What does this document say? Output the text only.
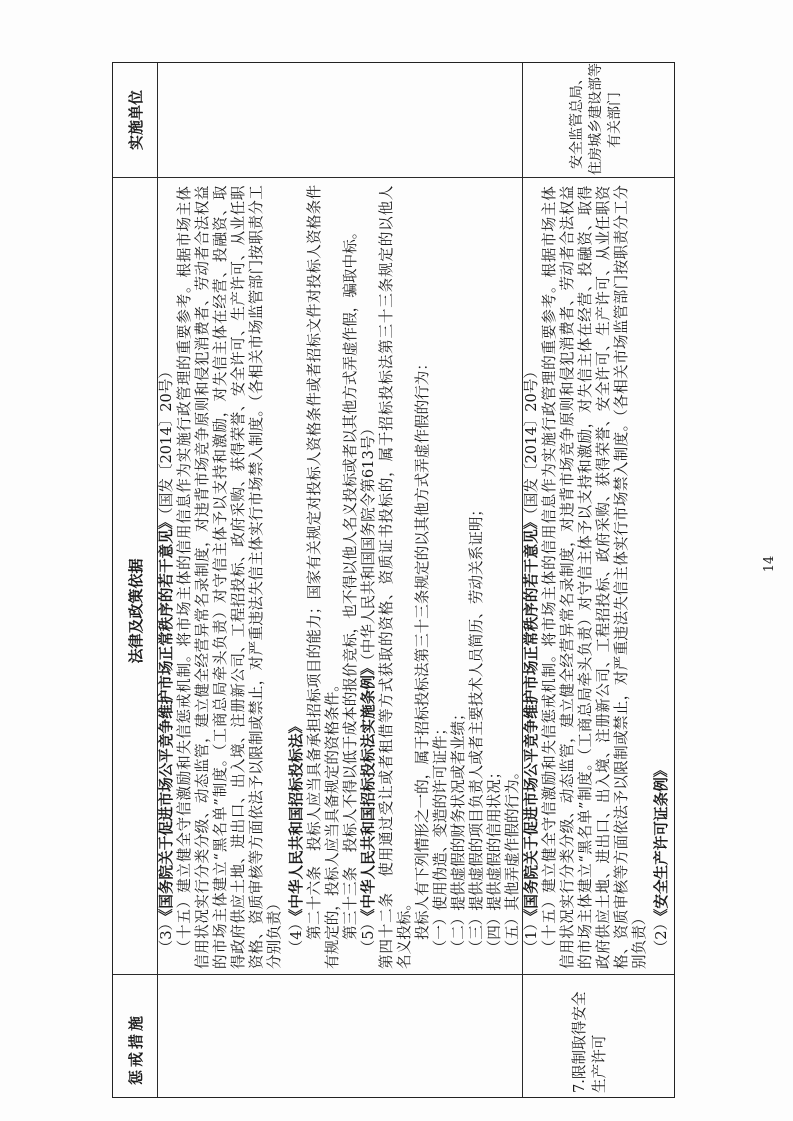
惩戒措施
法律及政策依据
实施单位
（3）《国务院关于促进市场公平竞争维护市场正常秩序的若干意见》（国发〔2014〕20号） （十五）建立健全守信激励和失信惩戒机制。将市场主体的信用信息作为实施行政管理的重要参考。根据市场主体 信用状况实行分类分级、动态监管，建立健全经营异常名录制度，对违背市场竞争原则和侵犯消费者、劳动者合法权益 的市场主体建立“黑名单”制度。（工商总局牵头负责）对守信主体予以支持和激励，对失信主体在经营、投融资、取 得政府供应土地、进出口、出入境、注册新公司、工程招投标、政府采购、获得荣誉、安全许可、生产许可、从业任职 资格、资质审核等方面依法予以限制或禁止，对严重违法失信主体实行市场禁入制度。（各相关市场监管部门按职责分工 分别负责） （4）《中华人民共和国招标投标法》 第二十六条　投标人应当具备承担招标项目的能力；国家有关规定对投标人资格条件或者招标文件对投标人资格条件 有规定的，投标人应当具备规定的资格条件。 第三十三条　投标人不得以低于成本的报价竞标，也不得以他人名义投标或者以其他方式弄虚作假，骗取中标。 （5）《中华人民共和国招标投标法实施条例》（中华人民共和国国务院令第613号） 第四十二条　使用通过受让或者租借等方式获取的资格、资质证书投标的，属于招标投标法第三十三条规定的以他人 名义投标。 投标人有下列情形之一的，属于招标投标法第三十三条规定的以其他方式弄虚作假的行为： （一）使用伪造、变造的许可证件； （二）提供虚假的财务状况或者业绩； （三）提供虚假的项目负责人或者主要技术人员简历、劳动关系证明； （四）提供虚假的信用状况； （五）其他弄虚作假的行为。
7.限制取得安全 生产许可
（1）《国务院关于促进市场公平竞争维护市场正常秩序的若干意见》（国发〔2014〕20号） （十五）建立健全守信激励和失信惩戒机制。将市场主体的信用信息作为实施行政管理的重要参考。根据市场主体 信用状况实行分类分级、动态监管，建立健全经营异常名录制度，对违背市场竞争原则和侵犯消费者、劳动者合法权益 的市场主体建立“黑名单”制度。（工商总局牵头负责）对守信主体予以支持和激励，对失信主体在经营、投融资、取得 政府供应土地、进出口、出入境、注册新公司、工程招投标、政府采购、获得荣誉、安全许可、生产许可、从业任职资 格、资质审核等方面依法予以限制或禁止，对严重违法失信主体实行市场禁入制度。（各相关市场监管部门按职责分工分 别负责） （2）《安全生产许可证条例》
安全监管总局、 住房城乡建设部等 有关部门
14
